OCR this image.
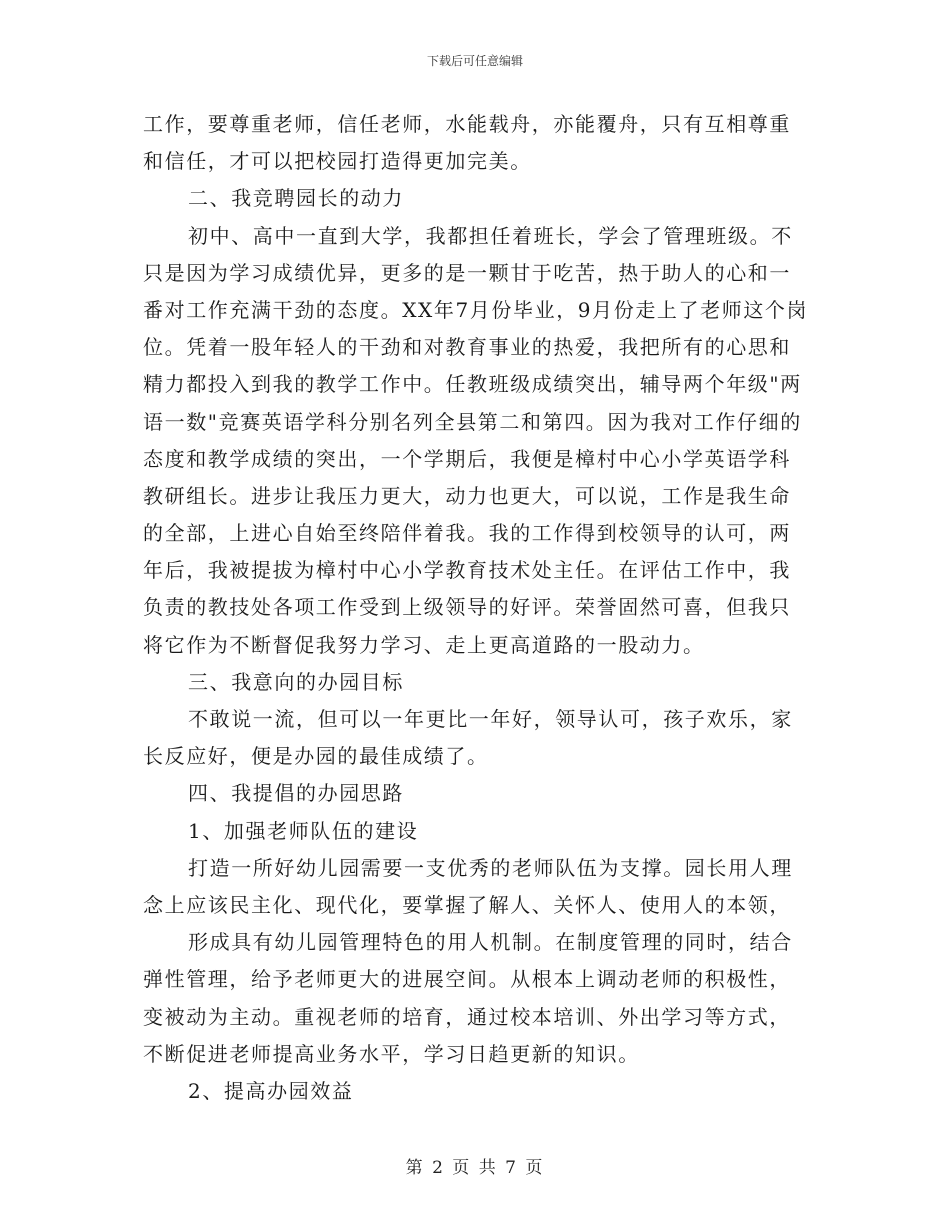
下载后可任意编辑
工作，要尊重老师，信任老师，水能载舟，亦能覆舟，只有互相尊重
和信任，才可以把校园打造得更加完美。
二、我竞聘园长的动力
初中、高中一直到大学，我都担任着班长，学会了管理班级。不
只是因为学习成绩优异，更多的是一颗甘于吃苦，热于助人的心和一
番对工作充满干劲的态度。XX年7月份毕业，9月份走上了老师这个岗
位。凭着一股年轻人的干劲和对教育事业的热爱，我把所有的心思和
精力都投入到我的教学工作中。任教班级成绩突出，辅导两个年级"两
语一数"竞赛英语学科分别名列全县第二和第四。因为我对工作仔细的
态度和教学成绩的突出，一个学期后，我便是樟村中心小学英语学科
教研组长。进步让我压力更大，动力也更大，可以说，工作是我生命
的全部，上进心自始至终陪伴着我。我的工作得到校领导的认可，两
年后，我被提拔为樟村中心小学教育技术处主任。在评估工作中，我
负责的教技处各项工作受到上级领导的好评。荣誉固然可喜，但我只
将它作为不断督促我努力学习、走上更高道路的一股动力。
三、我意向的办园目标
不敢说一流，但可以一年更比一年好，领导认可，孩子欢乐，家
长反应好，便是办园的最佳成绩了。
四、我提倡的办园思路
1、加强老师队伍的建设
打造一所好幼儿园需要一支优秀的老师队伍为支撑。园长用人理
念上应该民主化、现代化，要掌握了解人、关怀人、使用人的本领，
形成具有幼儿园管理特色的用人机制。在制度管理的同时，结合
弹性管理，给予老师更大的进展空间。从根本上调动老师的积极性，
变被动为主动。重视老师的培育，通过校本培训、外出学习等方式，
不断促进老师提高业务水平，学习日趋更新的知识。
2、提高办园效益
第 2 页 共 7 页
